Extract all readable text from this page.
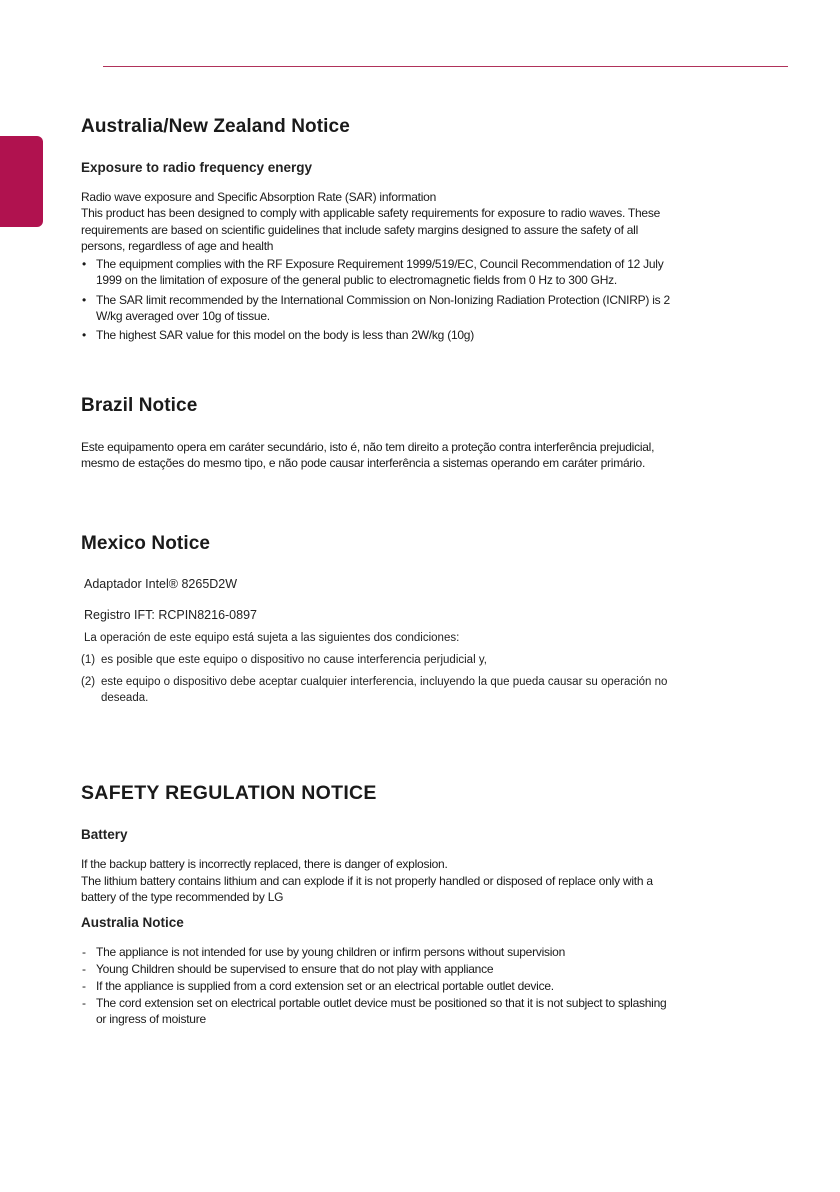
Australia/New Zealand Notice
Exposure to radio frequency energy

Radio wave exposure and Specific Absorption Rate (SAR) information

This product has been designed to comply with applicable safety requirements for exposure to radio waves. These requirements are based on scientific guidelines that include safety margins designed to assure the safety of all persons, regardless of age and health

• The equipment complies with the RF Exposure Requirement 1999/519/EC, Council Recommendation of 12 July 1999 on the limitation of exposure of the general public to electromagnetic fields from 0 Hz to 300 GHz.
• The SAR limit recommended by the International Commission on Non-Ionizing Radiation Protection (ICNIRP) is 2 W/kg averaged over 10g of tissue.
• The highest SAR value for this model on the body is less than 2W/kg (10g)
Brazil Notice

Este equipamento opera em caráter secundário, isto é, não tem direito a proteção contra interferência prejudicial, mesmo de estações do mesmo tipo, e não pode causar interferência a sistemas operando em caráter primário.

Mexico Notice

Adaptador Intel® 8265D2W

Registro IFT: RCPIN8216-0897

La operación de este equipo está sujeta a las siguientes dos condiciones:

(1) es posible que este equipo o dispositivo no cause interferencia perjudicial y,
(2) este equipo o dispositivo debe aceptar cualquier interferencia, incluyendo la que pueda causar su operación no deseada.
SAFETY REGULATION NOTICE
Battery

If the backup battery is incorrectly replaced, there is danger of explosion.

The lithium battery contains lithium and can explode if it is not properly handled or disposed of replace only with a battery of the type recommended by LG

Australia Notice
- The appliance is not intended for use by young children or infirm persons without supervision
- Young Children should be supervised to ensure that do not play with appliance
- If the appliance is supplied from a cord extension set or an electrical portable outlet device.
- The cord extension set on electrical portable outlet device must be positioned so that it is not subject to splashing or ingress of moisture
